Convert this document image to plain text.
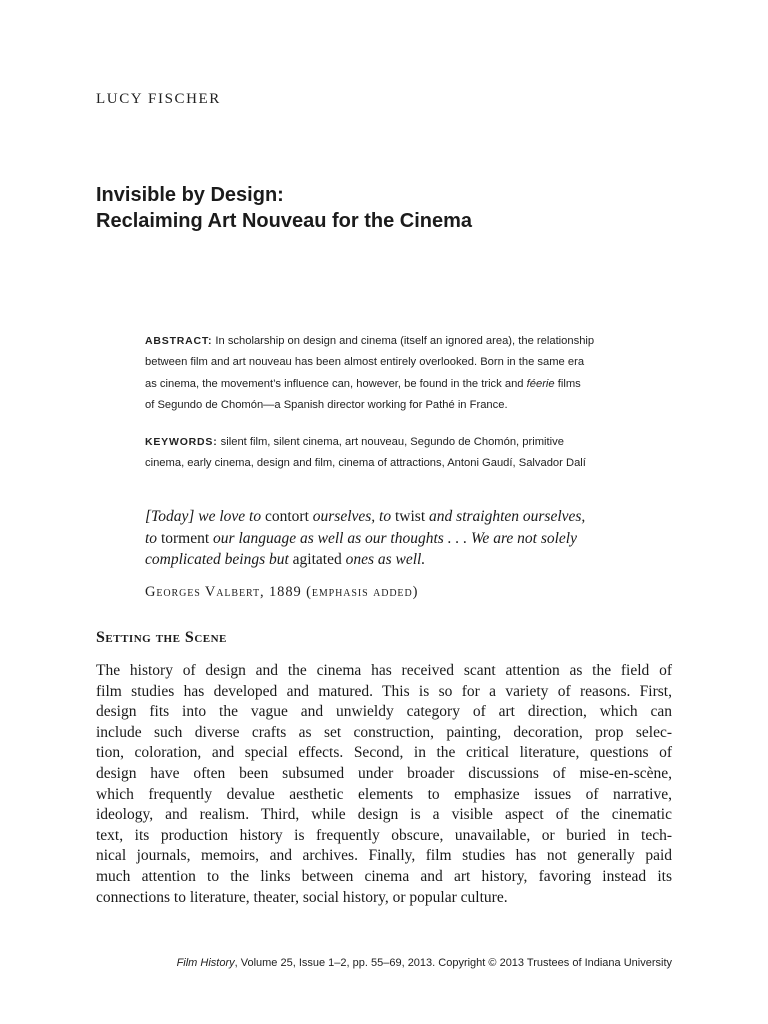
LUCY FISCHER
Invisible by Design:
Reclaiming Art Nouveau for the Cinema
ABSTRACT: In scholarship on design and cinema (itself an ignored area), the relationship
between film and art nouveau has been almost entirely overlooked. Born in the same era
as cinema, the movement’s influence can, however, be found in the trick and féerie films
of Segundo de Chomón—a Spanish director working for Pathé in France.
KEYWORDS: silent film, silent cinema, art nouveau, Segundo de Chomón, primitive
cinema, early cinema, design and film, cinema of attractions, Antoni Gaudí, Salvador Dalí
[Today] we love to contort ourselves, to twist and straighten ourselves,
to torment our language as well as our thoughts . . . We are not solely
complicated beings but agitated ones as well.
Georges Valbert, 1889 (emphasis added)
Setting the Scene
The history of design and the cinema has received scant attention as the field of
film studies has developed and matured. This is so for a variety of reasons. First,
design fits into the vague and unwieldy category of art direction, which can
include such diverse crafts as set construction, painting, decoration, prop selec-
tion, coloration, and special effects. Second, in the critical literature, questions of
design have often been subsumed under broader discussions of mise-en-scène,
which frequently devalue aesthetic elements to emphasize issues of narrative,
ideology, and realism. Third, while design is a visible aspect of the cinematic
text, its production history is frequently obscure, unavailable, or buried in tech-
nical journals, memoirs, and archives. Finally, film studies has not generally paid
much attention to the links between cinema and art history, favoring instead its
connections to literature, theater, social history, or popular culture.
Film History, Volume 25, Issue 1–2, pp. 55–69, 2013. Copyright © 2013 Trustees of Indiana University
